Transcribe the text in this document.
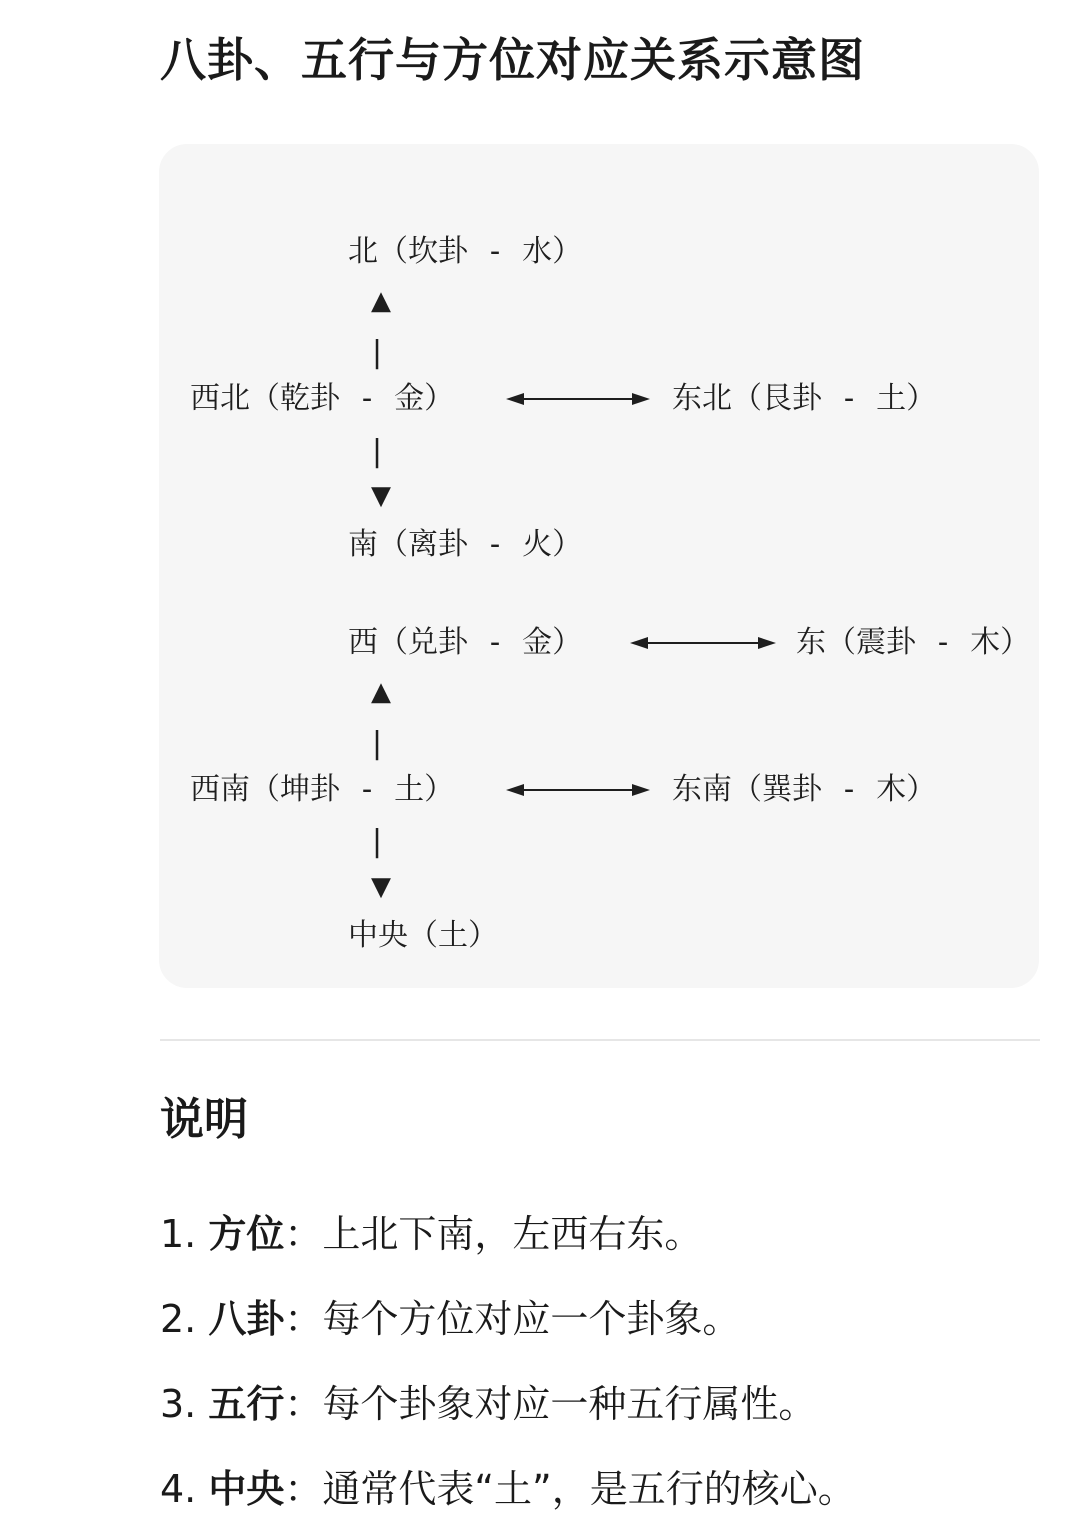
八卦、五行与方位对应关系示意图
北（坎卦 - 水）
▲
|
西北（乾卦 - 金）	东北（艮卦 - 土）
|
▼
南（离卦 - 火）
西（兑卦 - 金）	东（震卦 - 木）
▲
|
西南（坤卦 - 土）	东南（巽卦 - 木）
|
▼
中央（土）
说明
1. 方位：上北下南，左西右东。
2. 八卦：每个方位对应一个卦象。
3. 五行：每个卦象对应一种五行属性。
4. 中央：通常代表“土”，是五行的核心。
